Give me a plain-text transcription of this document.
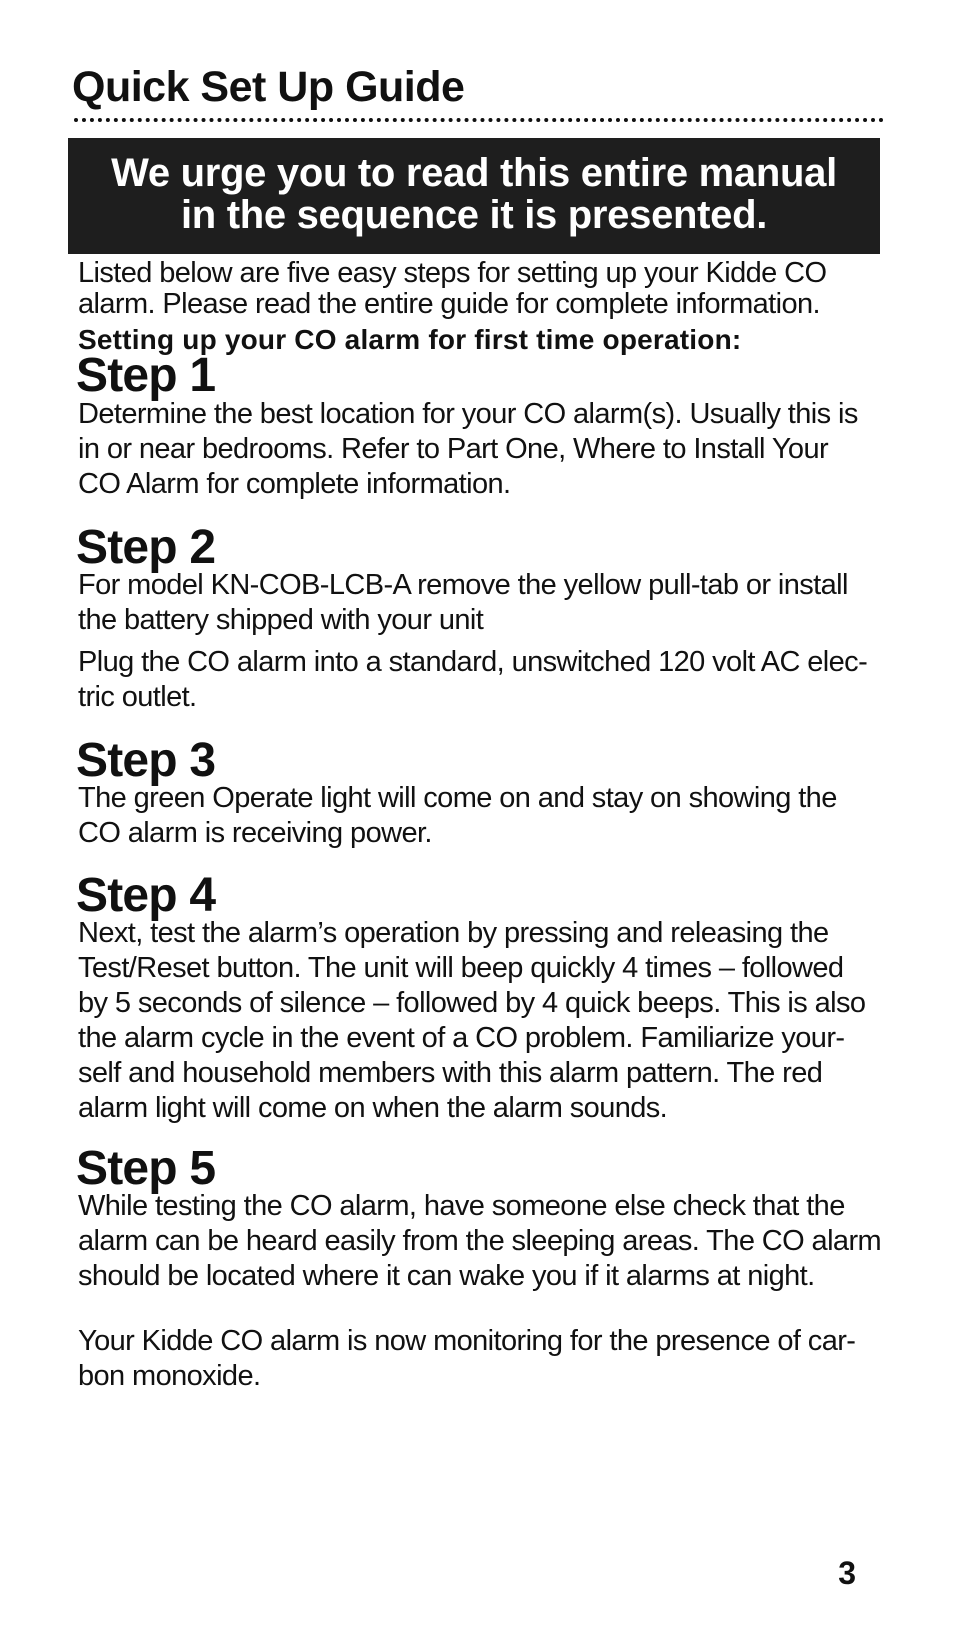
Quick Set Up Guide
We urge you to read this entire manual
in the sequence it is presented.

Listed below are five easy steps for setting up your Kidde CO
alarm. Please read the entire guide for complete information.

Setting up your CO alarm for first time operation:

Step 1

Determine the best location for your CO alarm(s). Usually this is
in or near bedrooms. Refer to Part One, Where to Install Your
CO Alarm for complete information.

Step 2

For model KN-COB-LCB-A remove the yellow pull-tab or install
the battery shipped with your unit

Plug the CO alarm into a standard, unswitched 120 volt AC elec-
tric outlet.

Step 3

The green Operate light will come on and stay on showing the
CO alarm is receiving power.

Step 4

Next, test the alarm’s operation by pressing and releasing the
Test/Reset button. The unit will beep quickly 4 times – followed
by 5 seconds of silence – followed by 4 quick beeps. This is also
the alarm cycle in the event of a CO problem. Familiarize your-
self and household members with this alarm pattern. The red
alarm light will come on when the alarm sounds.

Step 5

While testing the CO alarm, have someone else check that the
alarm can be heard easily from the sleeping areas. The CO alarm
should be located where it can wake you if it alarms at night.

Your Kidde CO alarm is now monitoring for the presence of car-
bon monoxide.

3
